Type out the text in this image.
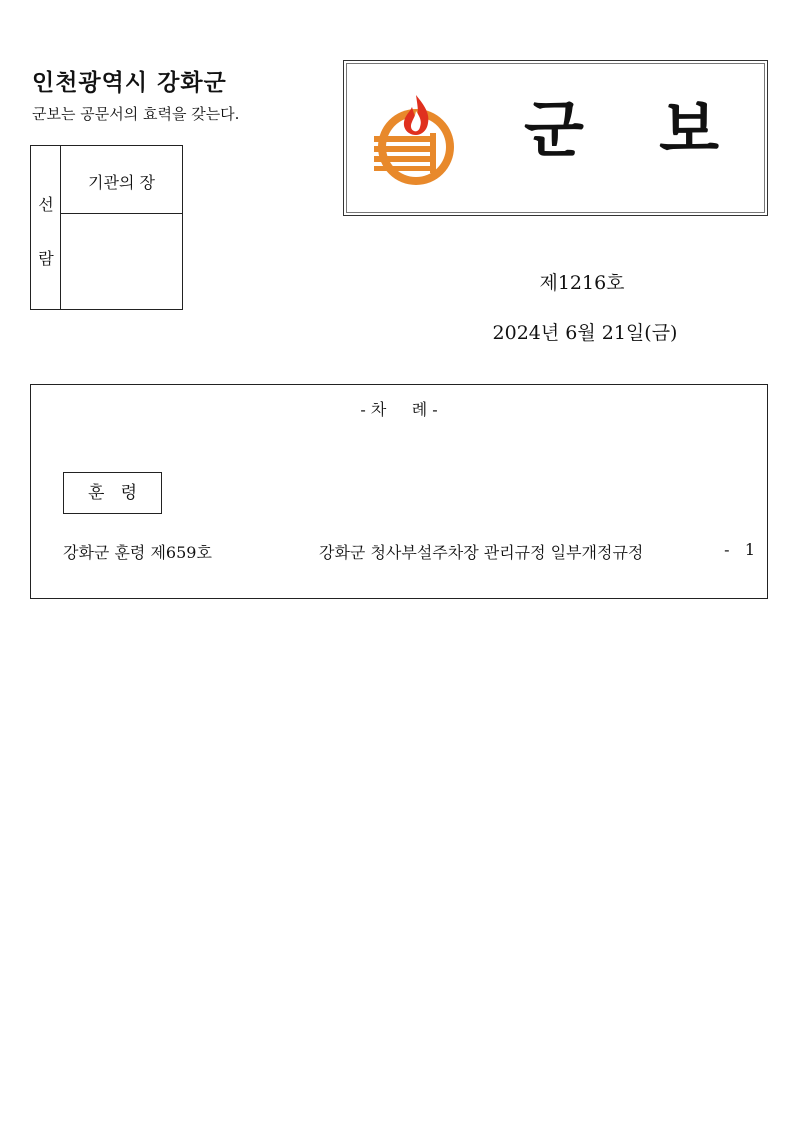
인천광역시 강화군
군보는 공문서의 효력을 갖는다.
선
람
기관의 장
군 보
제1216호
2024년 6월 21일(금)
- 차     례 -
훈   령
강화군 훈령 제659호	강화군 청사부설주차장 관리규정 일부개정규정	-   1
